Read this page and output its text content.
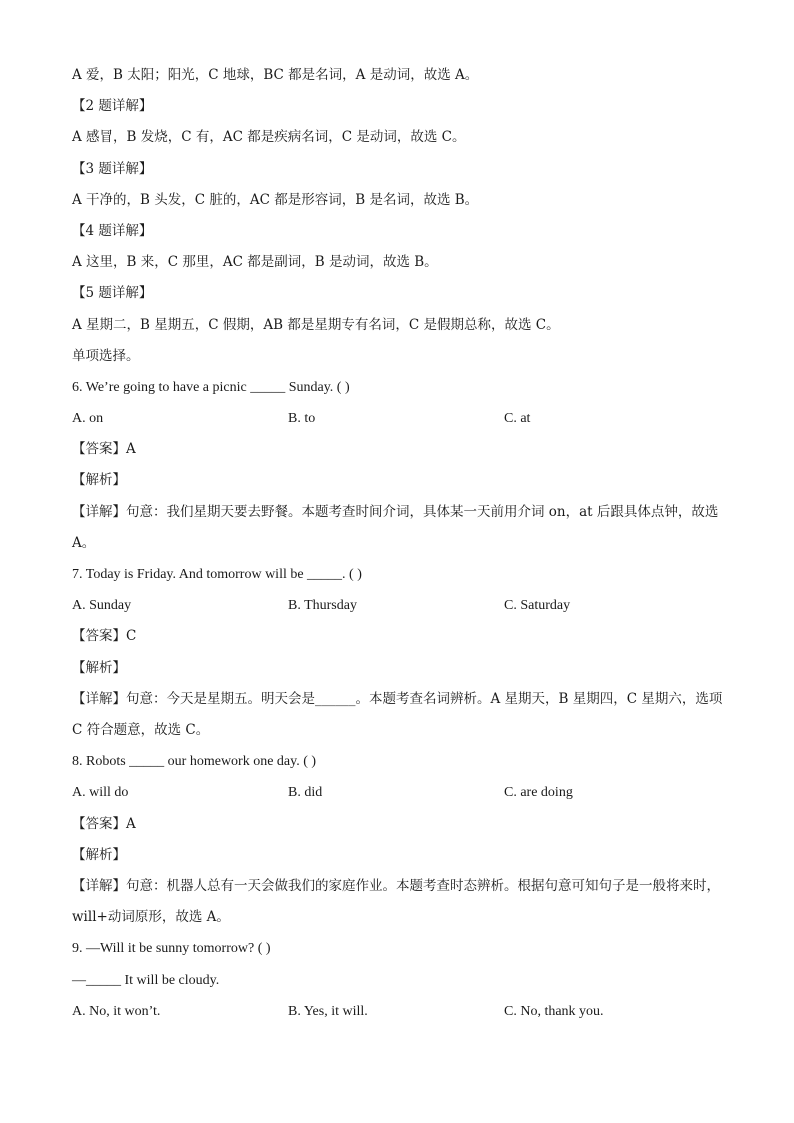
A 爱，B 太阳；阳光，C 地球，BC 都是名词，A 是动词，故选 A。
【2 题详解】
A 感冒，B 发烧，C 有，AC 都是疾病名词，C 是动词，故选 C。
【3 题详解】
A 干净的，B 头发，C 脏的，AC 都是形容词，B 是名词，故选 B。
【4 题详解】
A 这里，B 来，C 那里，AC 都是副词，B 是动词，故选 B。
【5 题详解】
A 星期二，B 星期五，C 假期，AB 都是星期专有名词，C 是假期总称，故选 C。
单项选择。
6. We’re going to have a picnic _____ Sunday. ( )
A. on	B. to	C. at
【答案】A
【解析】
【详解】句意：我们星期天要去野餐。本题考查时间介词，具体某一天前用介词 on，at 后跟具体点钟，故选 A。
7. Today is Friday. And tomorrow will be _____. ( )
A. Sunday	B. Thursday	C. Saturday
【答案】C
【解析】
【详解】句意：今天是星期五。明天会是______。本题考查名词辨析。A 星期天，B 星期四，C 星期六，选项 C 符合题意，故选 C。
8. Robots _____ our homework one day. ( )
A. will do	B. did	C. are doing
【答案】A
【解析】
【详解】句意：机器人总有一天会做我们的家庭作业。本题考查时态辨析。根据句意可知句子是一般将来时，will+动词原形，故选 A。
9. —Will it be sunny tomorrow? ( )
—_____ It will be cloudy.
A. No, it won’t.	B. Yes, it will.	C. No, thank you.
